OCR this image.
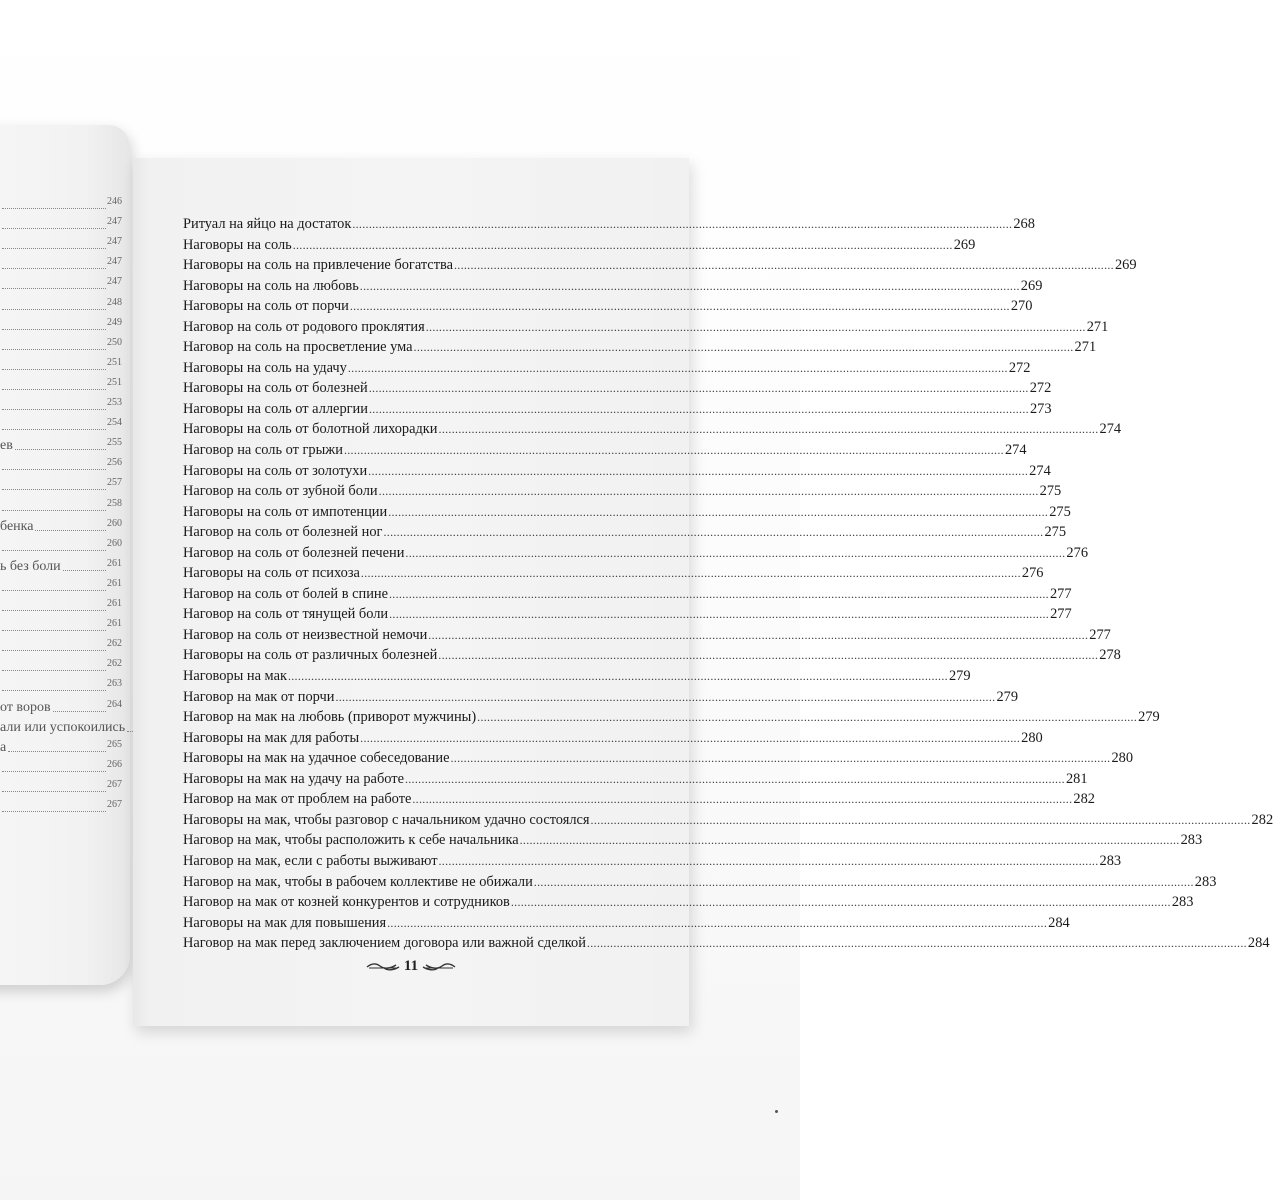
246
247
247
247
247
248
249
250
251
251
253
254
ев	255
256
257
258
бенка	260
260
ь без боли	261
261
261
261
262
262
263
от воров	264
али или успокоились
а	265
266
267
267
Ритуал на яйцо на достаток .....	268
Наговоры на соль .....	269
Наговоры на соль на привлечение богатства .....	269
Наговоры на соль на любовь .....	269
Наговоры на соль от порчи .....	270
Наговор на соль от родового проклятия .....	271
Наговор на соль на просветление ума .....	271
Наговоры на соль на удачу .....	272
Наговоры на соль от болезней .....	272
Наговоры на соль от аллергии .....	273
Наговоры на соль от болотной лихорадки .....	274
Наговор на соль от грыжи .....	274
Наговоры на соль от золотухи .....	274
Наговор на соль от зубной боли .....	275
Наговоры на соль от импотенции .....	275
Наговор на соль от болезней ног .....	275
Наговор на соль от болезней печени .....	276
Наговоры на соль от психоза .....	276
Наговор на соль от болей в спине .....	277
Наговор на соль от тянущей боли .....	277
Наговор на соль от неизвестной немочи .....	277
Наговоры на соль от различных болезней .....	278
Наговоры на мак .....	279
Наговор на мак от порчи .....	279
Наговор на мак на любовь (приворот мужчины) .....	279
Наговоры на мак для работы .....	280
Наговоры на мак на удачное собеседование .....	280
Наговоры на мак на удачу на работе .....	281
Наговор на мак от проблем на работе .....	282
Наговоры на мак, чтобы разговор с начальником удачно состоялся .....	282
Наговор на мак, чтобы расположить к себе начальника .....	283
Наговор на мак, если с работы выживают .....	283
Наговор на мак, чтобы в рабочем коллективе не обижали .....	283
Наговор на мак от козней конкурентов и сотрудников .....	283
Наговоры на мак для повышения .....	284
Наговор на мак перед заключением договора или важной сделкой .....	284
11
